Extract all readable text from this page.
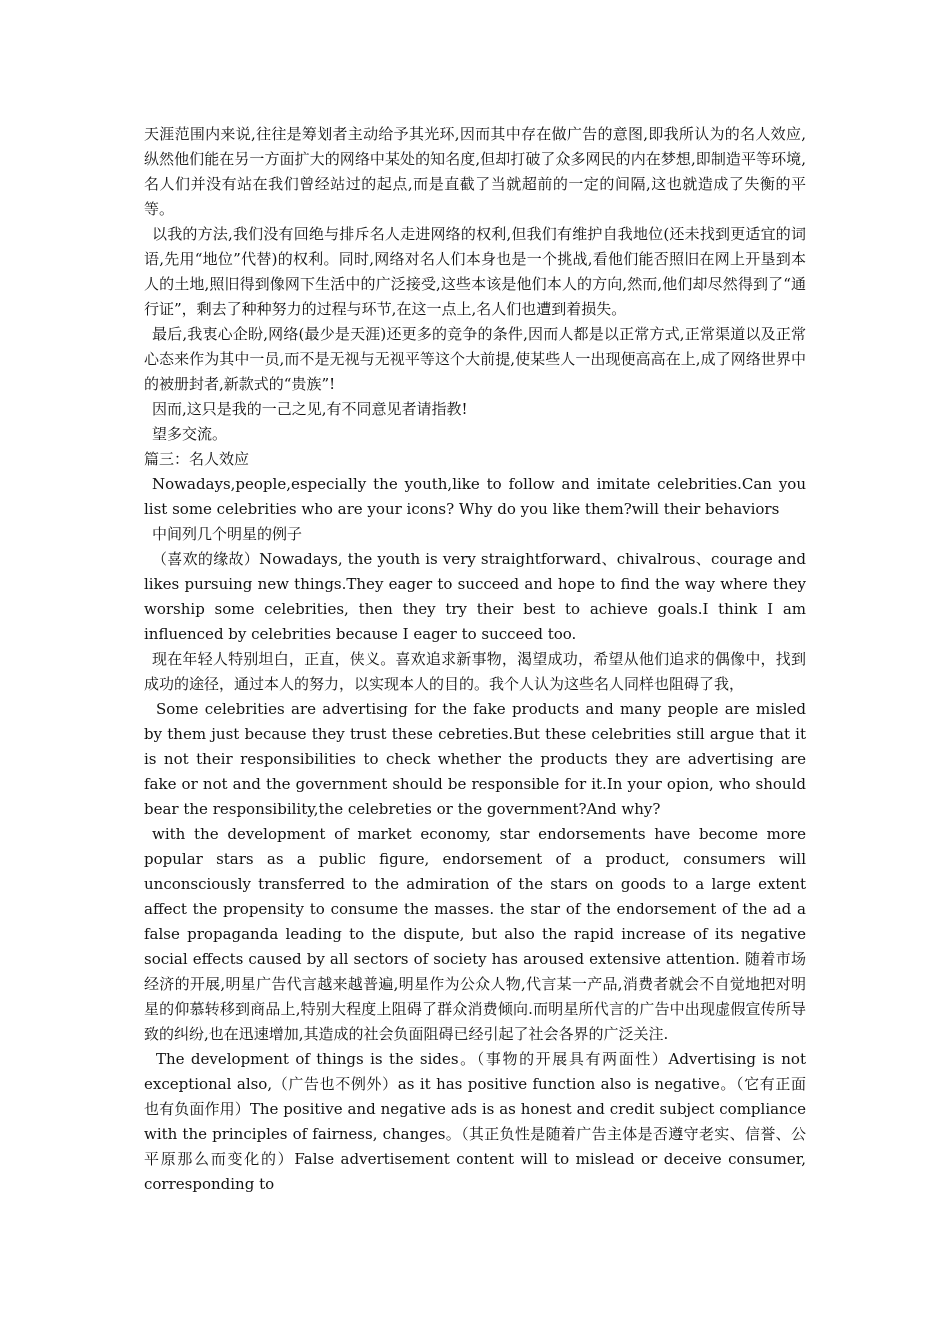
天涯范围内来说,往往是筹划者主动给予其光环,因而其中存在做广告的意图,即我所认为的名人效应,纵然他们能在另一方面扩大的网络中某处的知名度,但却打破了众多网民的内在梦想,即制造平等环境,名人们并没有站在我们曾经站过的起点,而是直截了当就超前的一定的间隔,这也就造成了失衡的平等。

以我的方法,我们没有回绝与排斥名人走进网络的权利,但我们有维护自我地位(还未找到更适宜的词语,先用“地位”代替)的权利。同时,网络对名人们本身也是一个挑战,看他们能否照旧在网上开垦到本人的土地,照旧得到像网下生活中的广泛接受,这些本该是他们本人的方向,然而,他们却尽然得到了“通行证”，剩去了种种努力的过程与环节,在这一点上,名人们也遭到着损失。

最后,我衷心企盼,网络(最少是天涯)还更多的竞争的条件,因而人都是以正常方式,正常渠道以及正常心态来作为其中一员,而不是无视与无视平等这个大前提,使某些人一出现便高高在上,成了网络世界中的被册封者,新款式的“贵族”!

因而,这只是我的一己之见,有不同意见者请指教!

望多交流。

篇三：名人效应

Nowadays,people,especially the youth,like to follow and imitate celebrities.Can you list some celebrities who are your icons? Why do you like them?will their behaviors

中间列几个明星的例子

（喜欢的缘故）Nowadays, the youth is very straightforward、chivalrous、courage and likes pursuing new things.They eager to succeed and hope to find the way where they worship some celebrities, then they try their best to achieve goals.I think I am influenced by celebrities because I eager to succeed too.

现在年轻人特别坦白，正直，侠义。喜欢追求新事物，渴望成功，希望从他们追求的偶像中，找到成功的途径，通过本人的努力，以实现本人的目的。我个人认为这些名人同样也阻碍了我，

Some celebrities are advertising for the fake products and many people are misled by them just because they trust these cebreties.But these celebrities still argue that it is not their responsibilities to check whether the products they are advertising are fake or not and the government should be responsible for it.In your opion, who should bear the responsibility,the celebreties or the government?And why?

with the development of market economy, star endorsements have become more popular stars as a public figure, endorsement of a product, consumers will unconsciously transferred to the admiration of the stars on goods to a large extent affect the propensity to consume the masses. the star of the endorsement of the ad a false propaganda leading to the dispute, but also the rapid increase of its negative social effects caused by all sectors of society has aroused extensive attention. 随着市场经济的开展,明星广告代言越来越普遍,明星作为公众人物,代言某一产品,消费者就会不自觉地把对明星的仰慕转移到商品上,特别大程度上阻碍了群众消费倾向.而明星所代言的广告中出现虚假宣传所导致的纠纷,也在迅速增加,其造成的社会负面阻碍已经引起了社会各界的广泛关注.

The development of things is the sides。（事物的开展具有两面性）Advertising is not exceptional also,（广告也不例外）as it has positive function also is negative。（它有正面也有负面作用）The positive and negative ads is as honest and credit subject compliance with the principles of fairness, changes。（其正负性是随着广告主体是否遵守老实、信誉、公平原那么而变化的）False advertisement content will to mislead or deceive consumer, corresponding to
